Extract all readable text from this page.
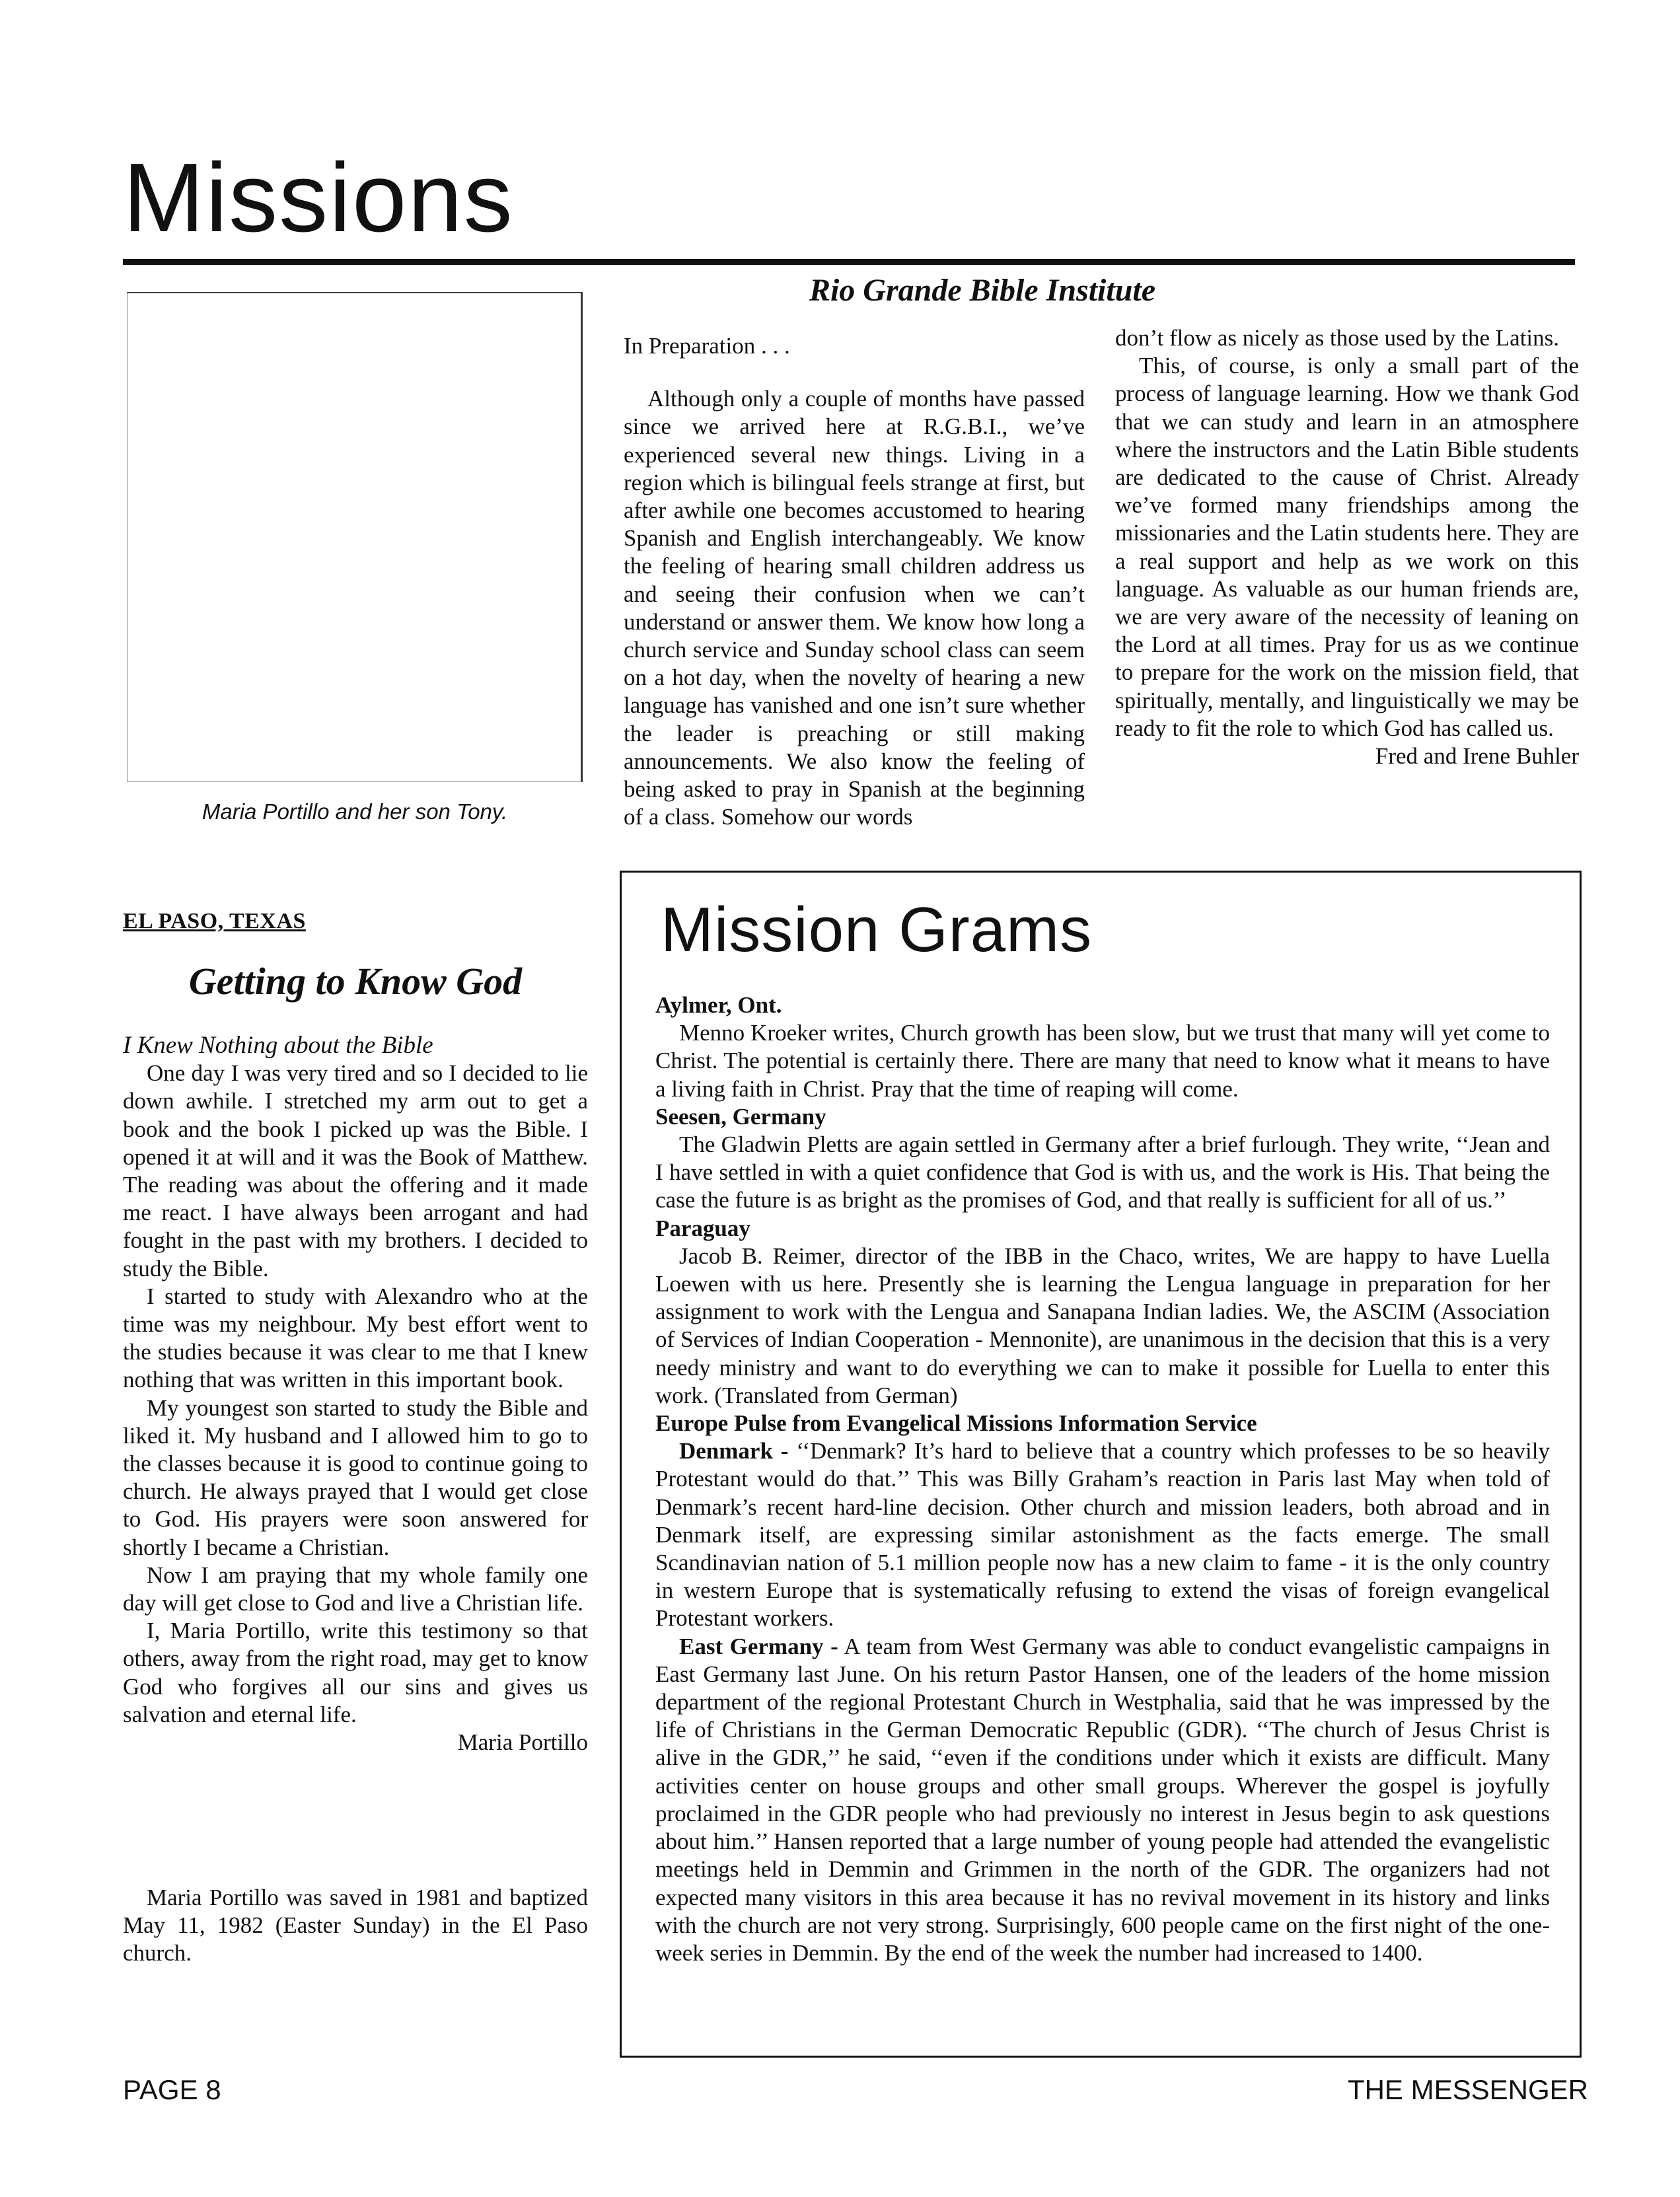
Missions
Maria Portillo and her son Tony.
Rio Grande Bible Institute

In Preparation . . .

Although only a couple of months have passed since we arrived here at R.G.B.I., we’ve experienced several new things. Living in a region which is bilingual feels strange at first, but after awhile one becomes accustomed to hearing Spanish and English interchangeably. We know the feeling of hearing small children address us and seeing their confusion when we can’t understand or answer them. We know how long a church service and Sunday school class can seem on a hot day, when the novelty of hearing a new language has vanished and one isn’t sure whether the leader is preaching or still making announcements. We also know the feeling of being asked to pray in Spanish at the beginning of a class. Somehow our words

don’t flow as nicely as those used by the Latins.

This, of course, is only a small part of the process of language learning. How we thank God that we can study and learn in an atmosphere where the instructors and the Latin Bible students are dedicated to the cause of Christ. Already we’ve formed many friendships among the missionaries and the Latin students here. They are a real support and help as we work on this language. As valuable as our human friends are, we are very aware of the necessity of leaning on the Lord at all times. Pray for us as we continue to prepare for the work on the mission field, that spiritually, mentally, and linguistically we may be ready to fit the role to which God has called us.

Fred and Irene Buhler

EL PASO, TEXAS
Getting to Know God

I Knew Nothing about the Bible

One day I was very tired and so I decided to lie down awhile. I stretched my arm out to get a book and the book I picked up was the Bible. I opened it at will and it was the Book of Matthew. The reading was about the offering and it made me react. I have always been arrogant and had fought in the past with my brothers. I decided to study the Bible.

I started to study with Alexandro who at the time was my neighbour. My best effort went to the studies because it was clear to me that I knew nothing that was written in this important book.

My youngest son started to study the Bible and liked it. My husband and I allowed him to go to the classes because it is good to continue going to church. He always prayed that I would get close to God. His prayers were soon answered for shortly I became a Christian.

Now I am praying that my whole family one day will get close to God and live a Christian life.

I, Maria Portillo, write this testimony so that others, away from the right road, may get to know God who forgives all our sins and gives us salvation and eternal life.

Maria Portillo

Maria Portillo was saved in 1981 and baptized May 11, 1982 (Easter Sunday) in the El Paso church.

Mission Grams

Aylmer, Ont.

Menno Kroeker writes, Church growth has been slow, but we trust that many will yet come to Christ. The potential is certainly there. There are many that need to know what it means to have a living faith in Christ. Pray that the time of reaping will come.

Seesen, Germany

The Gladwin Pletts are again settled in Germany after a brief furlough. They write, ‘‘Jean and I have settled in with a quiet confidence that God is with us, and the work is His. That being the case the future is as bright as the promises of God, and that really is sufficient for all of us.’’

Paraguay

Jacob B. Reimer, director of the IBB in the Chaco, writes, We are happy to have Luella Loewen with us here. Presently she is learning the Lengua language in preparation for her assignment to work with the Lengua and Sanapana Indian ladies. We, the ASCIM (Association of Services of Indian Cooperation - Mennonite), are unanimous in the decision that this is a very needy ministry and want to do everything we can to make it possible for Luella to enter this work. (Translated from German)

Europe Pulse from Evangelical Missions Information Service

Denmark - ‘‘Denmark? It’s hard to believe that a country which professes to be so heavily Protestant would do that.’’ This was Billy Graham’s reaction in Paris last May when told of Denmark’s recent hard-line decision. Other church and mission leaders, both abroad and in Denmark itself, are expressing similar astonishment as the facts emerge. The small Scandinavian nation of 5.1 million people now has a new claim to fame - it is the only country in western Europe that is systematically refusing to extend the visas of foreign evangelical Protestant workers.

East Germany - A team from West Germany was able to conduct evangelistic campaigns in East Germany last June. On his return Pastor Hansen, one of the leaders of the home mission department of the regional Protestant Church in Westphalia, said that he was impressed by the life of Christians in the German Democratic Republic (GDR). ‘‘The church of Jesus Christ is alive in the GDR,’’ he said, ‘‘even if the conditions under which it exists are difficult. Many activities center on house groups and other small groups. Wherever the gospel is joyfully proclaimed in the GDR people who had previously no interest in Jesus begin to ask questions about him.’’ Hansen reported that a large number of young people had attended the evangelistic meetings held in Demmin and Grimmen in the north of the GDR. The organizers had not expected many visitors in this area because it has no revival movement in its history and links with the church are not very strong. Surprisingly, 600 people came on the first night of the one-week series in Demmin. By the end of the week the number had increased to 1400.

PAGE 8	THE MESSENGER
